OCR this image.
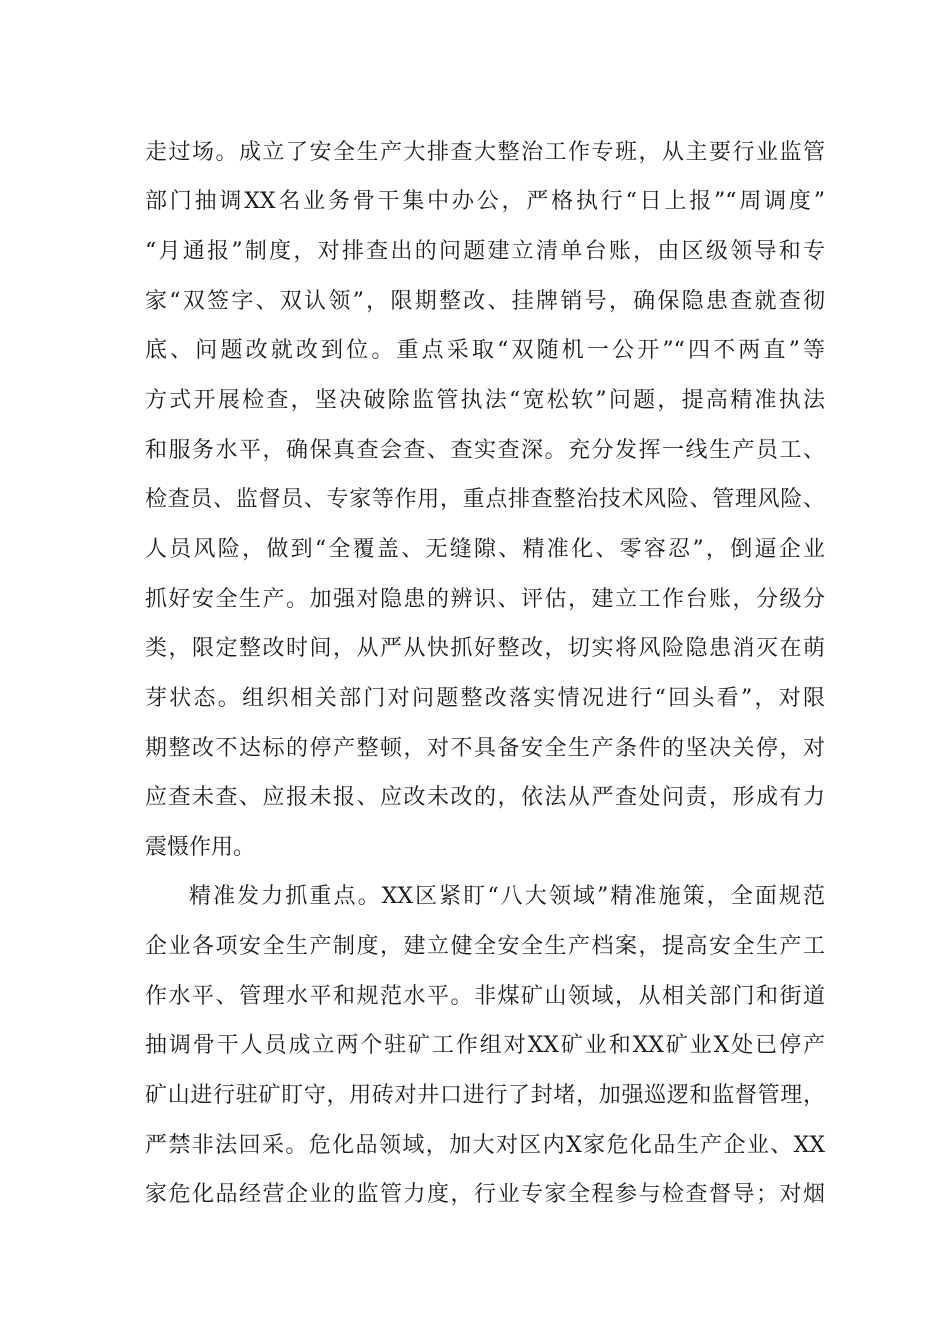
走过场。成立了安全生产大排查大整治工作专班，从主要行业监管
部门抽调XX名业务骨干集中办公，严格执行“日上报”“周调度”
“月通报”制度，对排查出的问题建立清单台账，由区级领导和专
家“双签字、双认领”，限期整改、挂牌销号，确保隐患查就查彻
底、问题改就改到位。重点采取“双随机一公开”“四不两直”等
方式开展检查，坚决破除监管执法“宽松软”问题，提高精准执法
和服务水平，确保真查会查、查实查深。充分发挥一线生产员工、
检查员、监督员、专家等作用，重点排查整治技术风险、管理风险、
人员风险，做到“全覆盖、无缝隙、精准化、零容忍”，倒逼企业
抓好安全生产。加强对隐患的辨识、评估，建立工作台账，分级分
类，限定整改时间，从严从快抓好整改，切实将风险隐患消灭在萌
芽状态。组织相关部门对问题整改落实情况进行“回头看”，对限
期整改不达标的停产整顿，对不具备安全生产条件的坚决关停，对
应查未查、应报未报、应改未改的，依法从严查处问责，形成有力
震慑作用。
精准发力抓重点。XX区紧盯“八大领域”精准施策，全面规范
企业各项安全生产制度，建立健全安全生产档案，提高安全生产工
作水平、管理水平和规范水平。非煤矿山领域，从相关部门和街道
抽调骨干人员成立两个驻矿工作组对XX矿业和XX矿业X处已停产
矿山进行驻矿盯守，用砖对井口进行了封堵，加强巡逻和监督管理，
严禁非法回采。危化品领域，加大对区内X家危化品生产企业、XX
家危化品经营企业的监管力度，行业专家全程参与检查督导；对烟
